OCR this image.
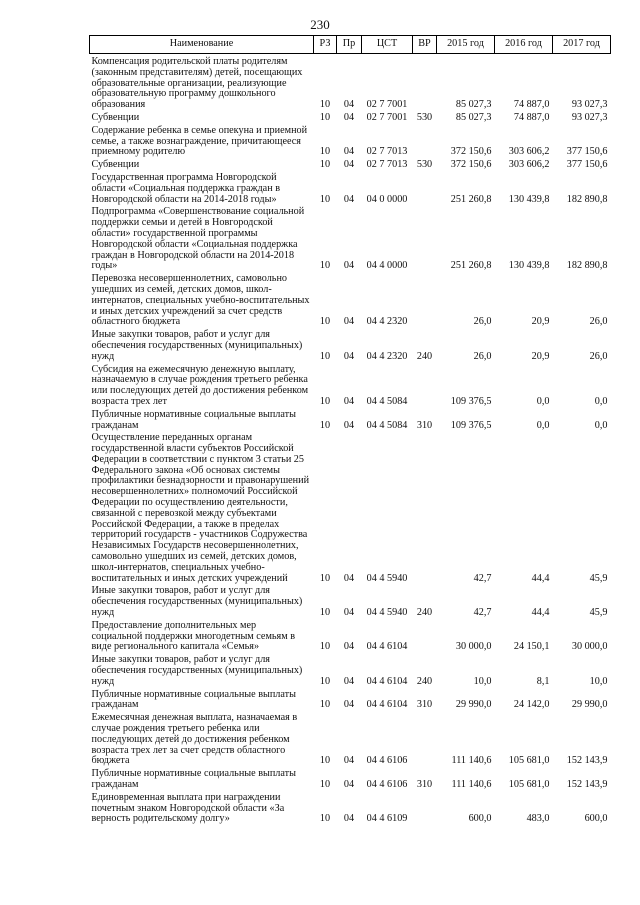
230
Наименование	РЗ	Пр	ЦСТ	ВР	2015 год	2016 год	2017 год
Компенсация родительской платы родителям (законным представителям) детей, посещающих образовательные организации, реализующие образовательную программу дошкольного образования	10	04	02 7 7001		85 027,3	74 887,0	93 027,3
Субвенции	10	04	02 7 7001	530	85 027,3	74 887,0	93 027,3
Содержание ребенка в семье опекуна и приемной семье, а также вознаграждение, причитающееся приемному родителю	10	04	02 7 7013		372 150,6	303 606,2	377 150,6
Субвенции	10	04	02 7 7013	530	372 150,6	303 606,2	377 150,6
Государственная программа Новгородской области «Социальная поддержка граждан в Новгородской области на 2014-2018 годы»	10	04	04 0 0000		251 260,8	130 439,8	182 890,8
Подпрограмма «Совершенствование социальной поддержки семьи и детей в Новгородской области» государственной программы Новгородской области «Социальная поддержка граждан в Новгородской области на 2014-2018 годы»	10	04	04 4 0000		251 260,8	130 439,8	182 890,8
Перевозка несовершеннолетних, самовольно ушедших из семей, детских домов, школ-интернатов, специальных учебно-воспитательных и иных детских учреждений за счет средств областного бюджета	10	04	04 4 2320		26,0	20,9	26,0
Иные закупки товаров, работ и услуг для обеспечения государственных (муниципальных) нужд	10	04	04 4 2320	240	26,0	20,9	26,0
Субсидия на ежемесячную денежную выплату, назначаемую в случае рождения третьего ребенка или последующих детей до достижения ребенком возраста трех лет	10	04	04 4 5084		109 376,5	0,0	0,0
Публичные нормативные социальные выплаты гражданам	10	04	04 4 5084	310	109 376,5	0,0	0,0
Осуществление переданных органам государственной власти субъектов Российской Федерации в соответствии с пунктом 3 статьи 25 Федерального закона «Об основах системы профилактики безнадзорности и правонарушений несовершеннолетних» полномочий Российской Федерации по осуществлению деятельности, связанной с перевозкой между субъектами Российской Федерации, а также в пределах территорий государств - участников Содружества Независимых Государств несовершеннолетних, самовольно ушедших из семей, детских домов, школ-интернатов, специальных учебно-воспитательных и иных детских учреждений	10	04	04 4 5940		42,7	44,4	45,9
Иные закупки товаров, работ и услуг для обеспечения государственных (муниципальных) нужд	10	04	04 4 5940	240	42,7	44,4	45,9
Предоставление дополнительных мер социальной поддержки многодетным семьям в виде регионального капитала «Семья»	10	04	04 4 6104		30 000,0	24 150,1	30 000,0
Иные закупки товаров, работ и услуг для обеспечения государственных (муниципальных) нужд	10	04	04 4 6104	240	10,0	8,1	10,0
Публичные нормативные социальные выплаты гражданам	10	04	04 4 6104	310	29 990,0	24 142,0	29 990,0
Ежемесячная денежная выплата, назначаемая в случае рождения третьего ребенка или последующих детей до достижения ребенком возраста трех лет за счет средств областного бюджета	10	04	04 4 6106		111 140,6	105 681,0	152 143,9
Публичные нормативные социальные выплаты гражданам	10	04	04 4 6106	310	111 140,6	105 681,0	152 143,9
Единовременная выплата при награждении почетным знаком Новгородской области «За верность родительскому долгу»	10	04	04 4 6109		600,0	483,0	600,0
